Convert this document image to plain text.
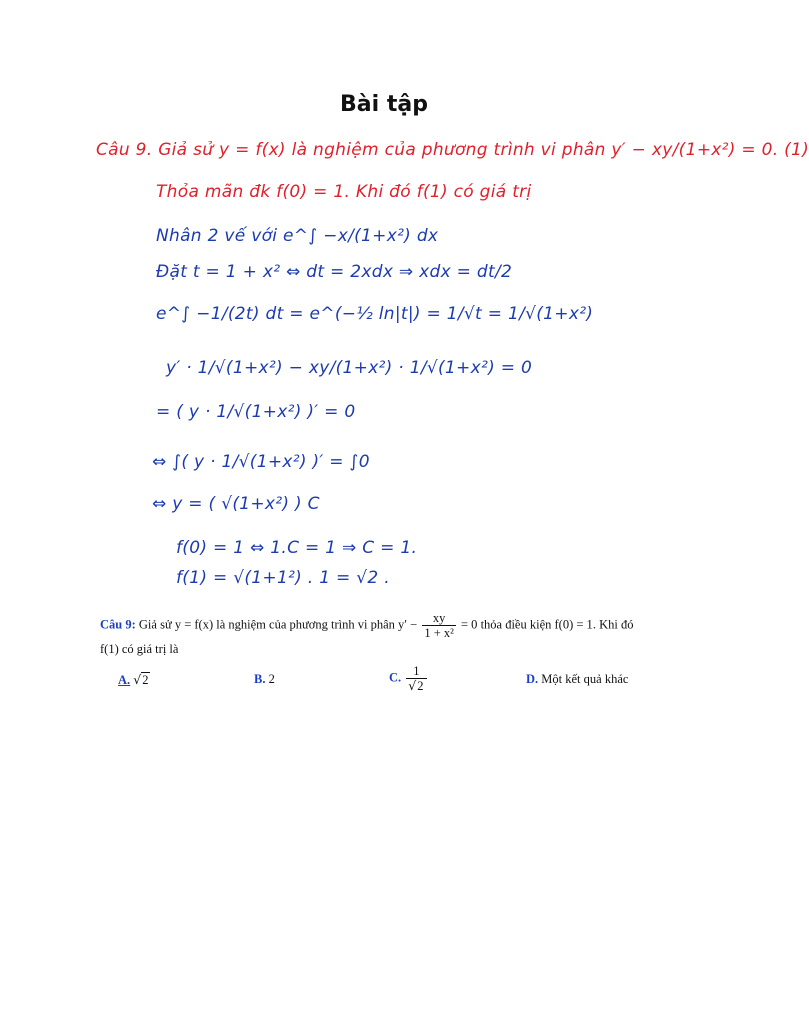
Bài tập
Câu 9. Giả sử y = f(x) là nghiệm của phương trình vi phân y′ − xy/(1+x²) = 0. (1)
Thỏa mãn đk f(0) = 1. Khi đó f(1) có giá trị
Nhân 2 vế với e^∫ −x/(1+x²) dx
Đặt t = 1 + x² ⇔ dt = 2xdx ⇒ xdx = dt/2
e^∫ −1/(2t) dt = e^(−½ ln|t|) = 1/√t = 1/√(1+x²)
y′ · 1/√(1+x²) − xy/(1+x²) · 1/√(1+x²) = 0
= ( y · 1/√(1+x²) )′ = 0
⇔ ∫( y · 1/√(1+x²) )′ = ∫0
⇔ y = ( √(1+x²) ) C
f(0) = 1 ⇔ 1.C = 1 ⇒ C = 1.
f(1) = √(1+1²) . 1 = √2 .
Câu 9: Giả sử y = f(x) là nghiệm của phương trình vi phân $y' - \frac{xy}{\text{1 + x²}} = 0$ thỏa điều kiện f(0) = 1. Khi đó
f(1) có giá trị là
A. √2	B. 2	C. $\frac{1}{√2}$	D. Một kết quả khác
